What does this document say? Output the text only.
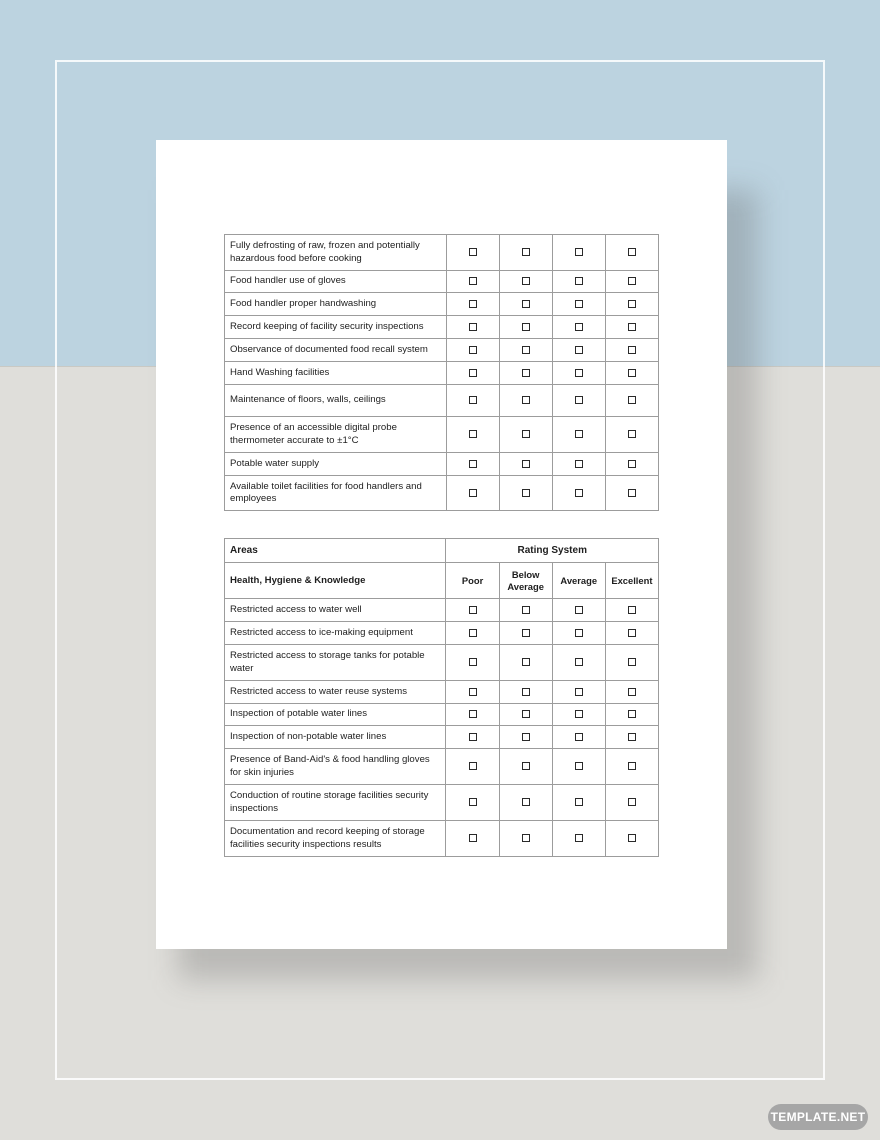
Fully defrosting of raw, frozen and potentially hazardous food before cooking				
Food handler use of gloves				
Food handler proper handwashing				
Record keeping of facility security inspections				
Observance of documented food recall system				
Hand Washing facilities				
Maintenance of floors, walls, ceilings				
Presence of an accessible digital probe thermometer accurate to ±1°C				
Potable water supply				
Available toilet facilities for food handlers and employees				
Areas	Rating System			
Health, Hygiene & Knowledge	Poor	Below Average	Average	Excellent
Restricted access to water well				
Restricted access to ice-making equipment				
Restricted access to storage tanks for potable water				
Restricted access to water reuse systems				
Inspection of potable water lines				
Inspection of non-potable water lines				
Presence of Band-Aid's & food handling gloves for skin injuries				
Conduction of routine storage facilities security inspections				
Documentation and record keeping of storage facilities security inspections results				
TEMPLATE.NET
